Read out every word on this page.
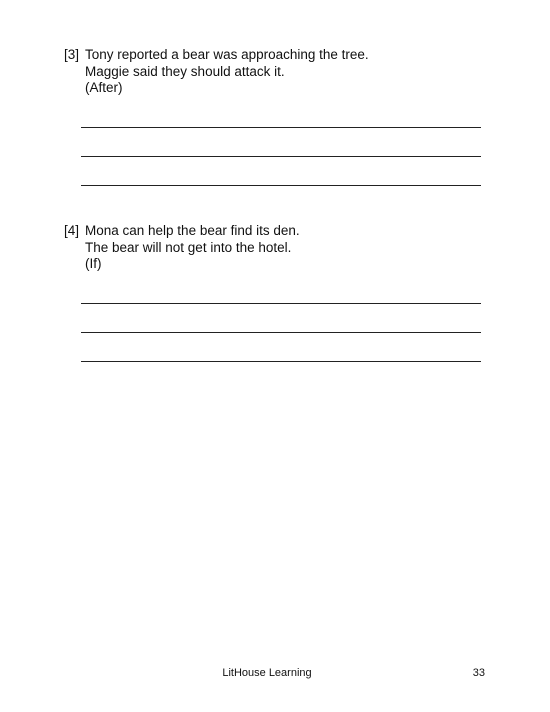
[3] Tony reported a bear was approaching the tree.
Maggie said they should attack it.
(After)
[4] Mona can help the bear find its den.
The bear will not get into the hotel.
(If)
LitHouse Learning	33
